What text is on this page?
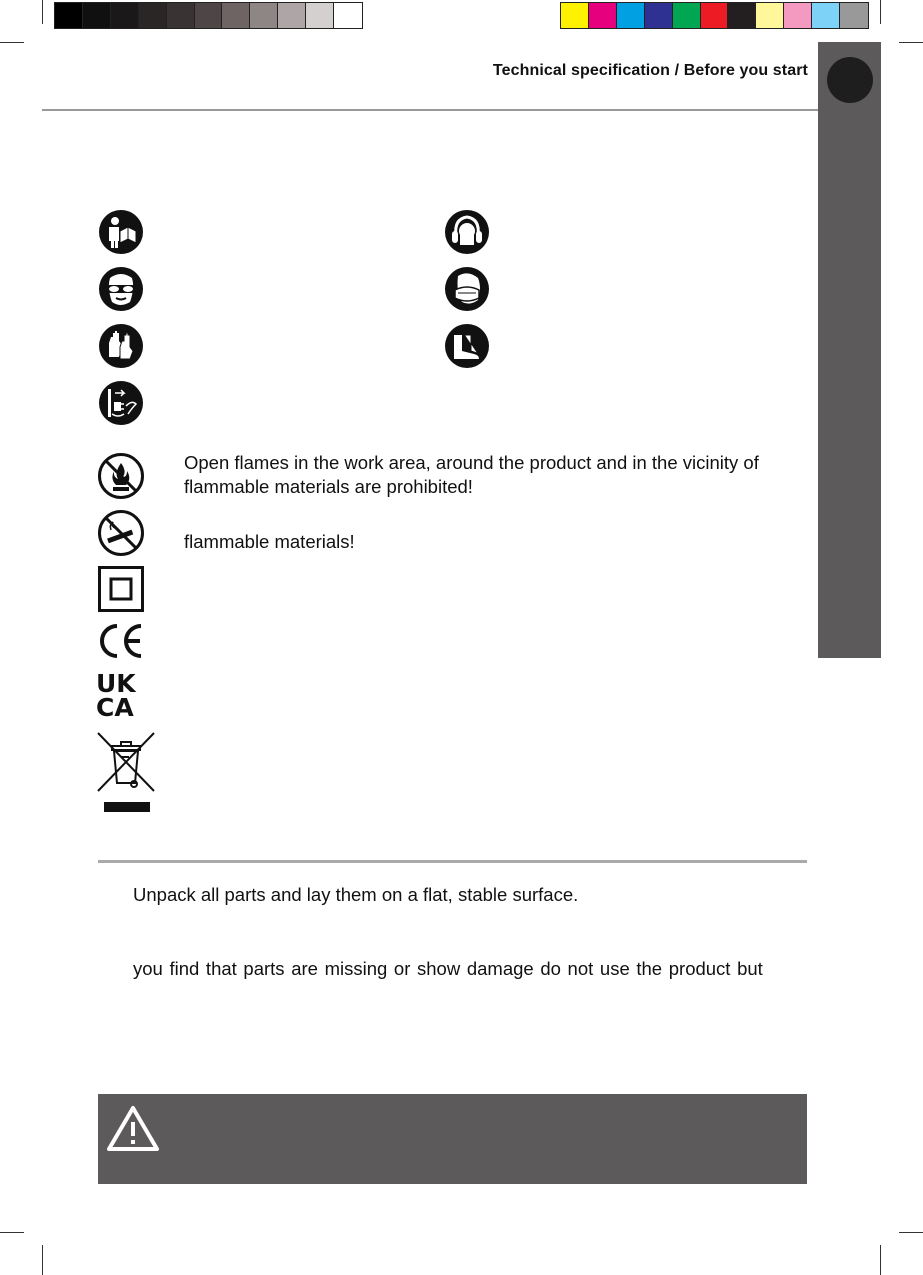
Technical specification / Before you start
UK
CA
Open flames in the work area, around the product and in the vicinity of
flammable materials are prohibited!
flammable materials!
Unpack all parts and lay them on a flat, stable surface.
you find that parts are missing or show damage do not use the product but
